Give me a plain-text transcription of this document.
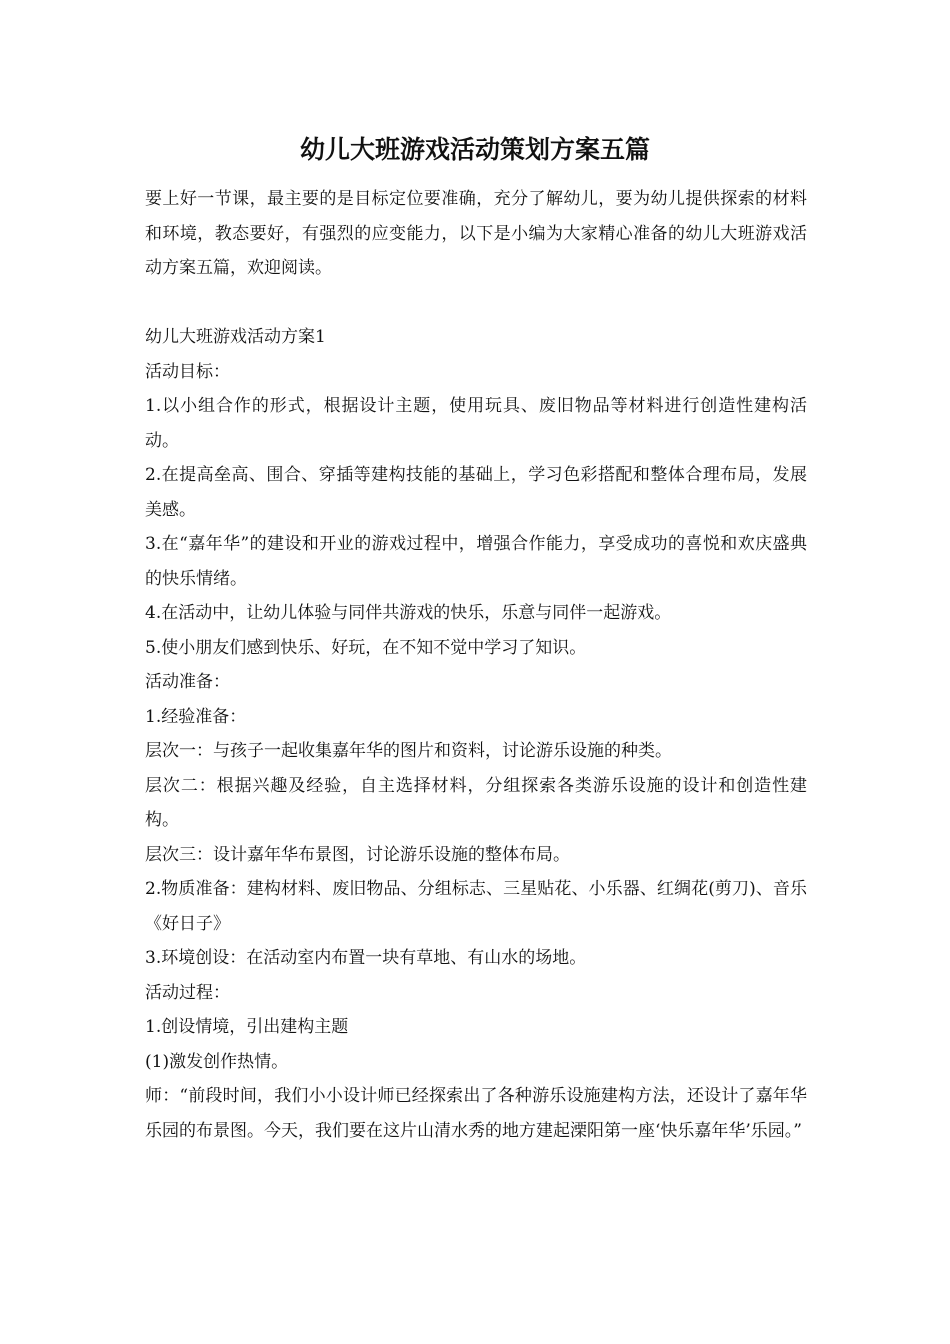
幼儿大班游戏活动策划方案五篇

要上好一节课，最主要的是目标定位要准确，充分了解幼儿，要为幼儿提供探索的材料和环境，教态要好，有强烈的应变能力，以下是小编为大家精心准备的幼儿大班游戏活动方案五篇，欢迎阅读。

幼儿大班游戏活动方案1

活动目标：

1.以小组合作的形式，根据设计主题，使用玩具、废旧物品等材料进行创造性建构活动。

2.在提高垒高、围合、穿插等建构技能的基础上，学习色彩搭配和整体合理布局，发展美感。

3.在“嘉年华”的建设和开业的游戏过程中，增强合作能力，享受成功的喜悦和欢庆盛典的快乐情绪。

4.在活动中，让幼儿体验与同伴共游戏的快乐，乐意与同伴一起游戏。

5.使小朋友们感到快乐、好玩，在不知不觉中学习了知识。

活动准备：

1.经验准备：

层次一：与孩子一起收集嘉年华的图片和资料，讨论游乐设施的种类。

层次二：根据兴趣及经验，自主选择材料，分组探索各类游乐设施的设计和创造性建构。

层次三：设计嘉年华布景图，讨论游乐设施的整体布局。

2.物质准备：建构材料、废旧物品、分组标志、三星贴花、小乐器、红绸花(剪刀)、音乐《好日子》

3.环境创设：在活动室内布置一块有草地、有山水的场地。

活动过程：

1.创设情境，引出建构主题

(1)激发创作热情。

师：“前段时间，我们小小设计师已经探索出了各种游乐设施建构方法，还设计了嘉年华乐园的布景图。今天，我们要在这片山清水秀的地方建起溧阳第一座‘快乐嘉年华’乐园。”
